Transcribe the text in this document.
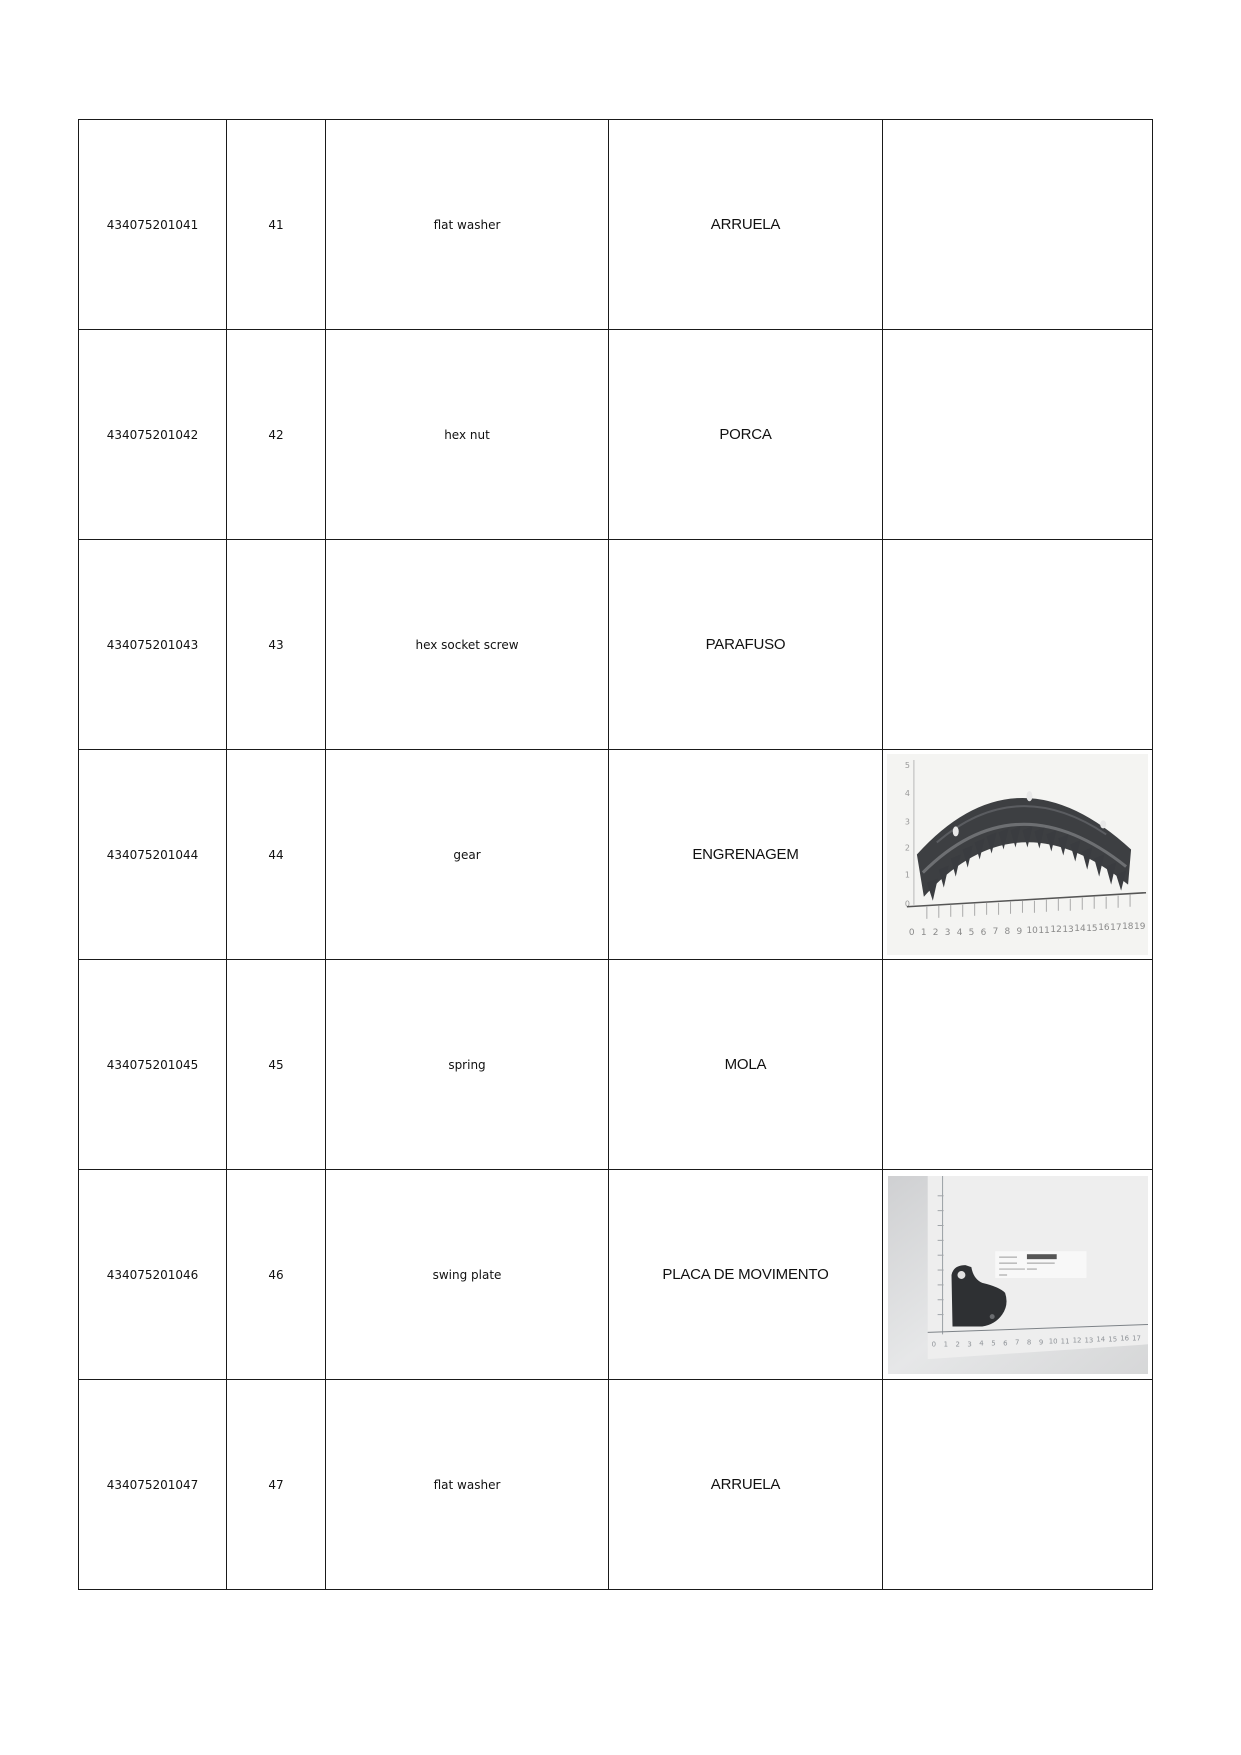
434075201041	41	flat washer	ARRUELA	
434075201042	42	hex nut	PORCA	
434075201043	43	hex socket screw	PARAFUSO	
434075201044	44	gear	ENGRENAGEM	
0
1
2
3
4
5
0 1 2 3 4 5 6 7 8 9 10 11 12 13 14 15 16 17 18 19

434075201045	45	spring	MOLA	
434075201046	46	swing plate	PLACA DE MOVIMENTO	
0 1 2 3 4 5 6 7 8 9 10 11 12 13 14 15 16 17

434075201047	47	flat washer	ARRUELA	
